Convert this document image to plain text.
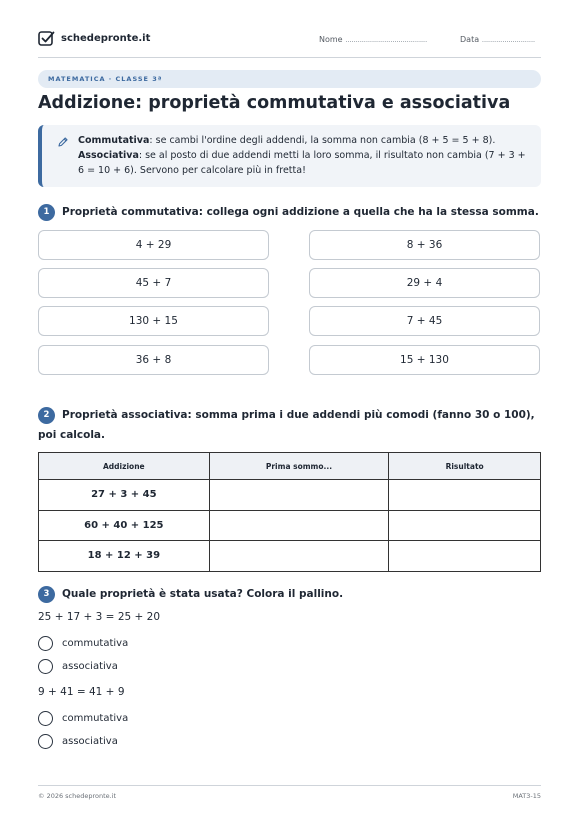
schedepronte.it	Nome ........................................	Data ..........................
MATEMATICA · CLASSE 3ª
Addizione: proprietà commutativa e associativa
Commutativa: se cambi l'ordine degli addendi, la somma non cambia (8 + 5 = 5 + 8).
Associativa: se al posto di due addendi metti la loro somma, il risultato non cambia (7 + 3 + 6 = 10 + 6). Servono per calcolare più in fretta!
1 Proprietà commutativa: collega ogni addizione a quella che ha la stessa somma.
4 + 29
45 + 7
130 + 15
36 + 8
8 + 36
29 + 4
7 + 45
15 + 130
2 Proprietà associativa: somma prima i due addendi più comodi (fanno 30 o 100), poi calcola.
Addizione	Prima sommo...	Risultato
27 + 3 + 45		
60 + 40 + 125		
18 + 12 + 39		
3 Quale proprietà è stata usata? Colora il pallino.
25 + 17 + 3 = 25 + 20
commutativa
associativa
9 + 41 = 41 + 9
commutativa
associativa
© 2026 schedepronte.it	MAT3-15
